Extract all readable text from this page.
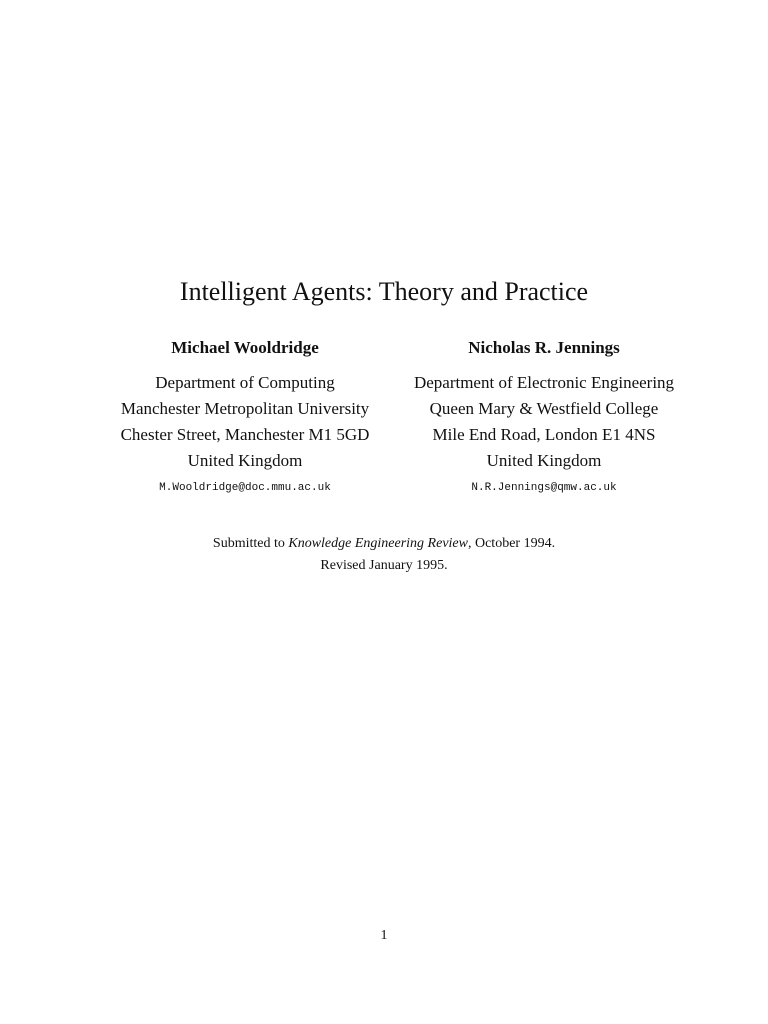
Intelligent Agents: Theory and Practice
Michael Wooldridge
Department of Computing
Manchester Metropolitan University
Chester Street, Manchester M1 5GD
United Kingdom
M.Wooldridge@doc.mmu.ac.uk
Nicholas R. Jennings
Department of Electronic Engineering
Queen Mary & Westfield College
Mile End Road, London E1 4NS
United Kingdom
N.R.Jennings@qmw.ac.uk
Submitted to Knowledge Engineering Review, October 1994.
Revised January 1995.
1
